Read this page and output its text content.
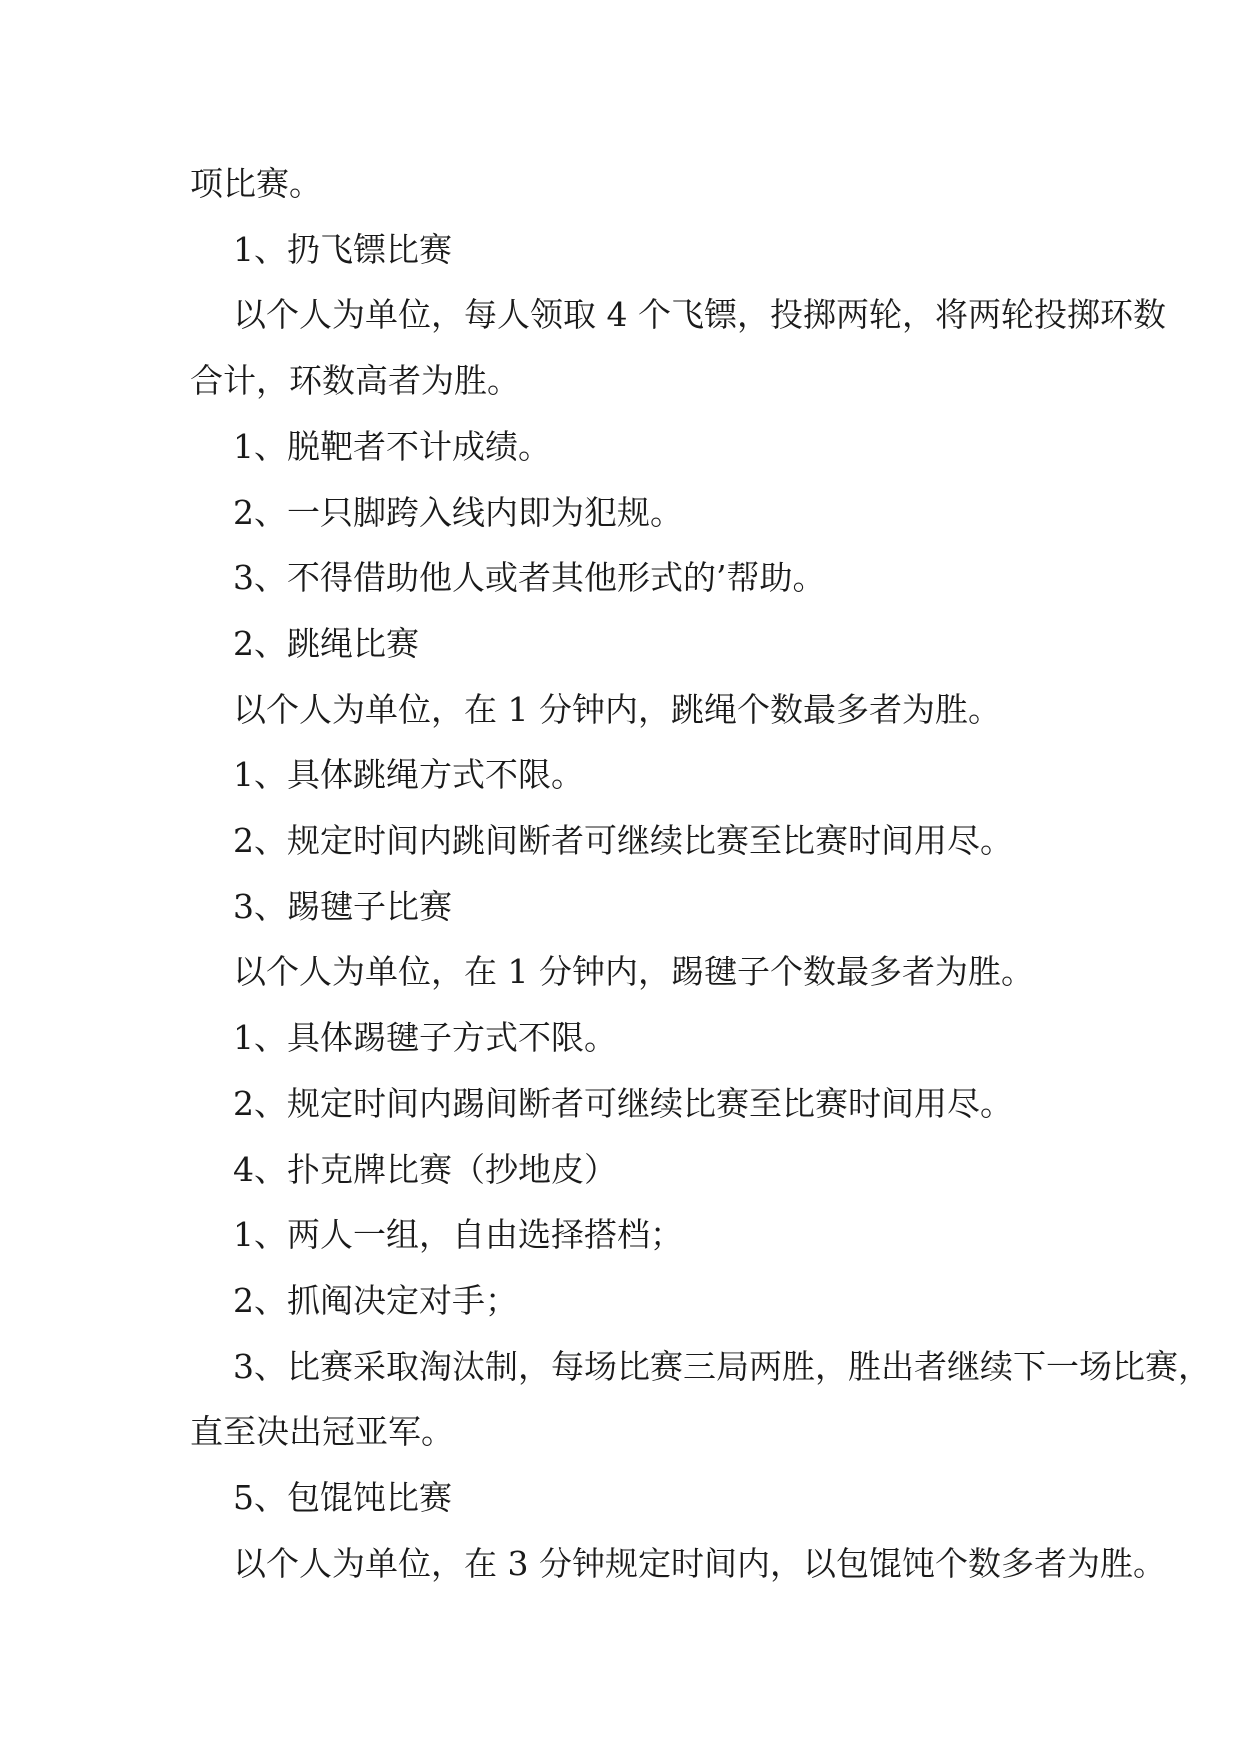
项比赛。

1、扔飞镖比赛

以个人为单位，每人领取 4 个飞镖，投掷两轮，将两轮投掷环数

合计，环数高者为胜。

1、脱靶者不计成绩。

2、一只脚跨入线内即为犯规。

3、不得借助他人或者其他形式的’帮助。

2、跳绳比赛

以个人为单位，在 1 分钟内，跳绳个数最多者为胜。

1、具体跳绳方式不限。

2、规定时间内跳间断者可继续比赛至比赛时间用尽。

3、踢毽子比赛

以个人为单位，在 1 分钟内，踢毽子个数最多者为胜。

1、具体踢毽子方式不限。

2、规定时间内踢间断者可继续比赛至比赛时间用尽。

4、扑克牌比赛（抄地皮）

1、两人一组，自由选择搭档；

2、抓阄决定对手；

3、比赛采取淘汰制，每场比赛三局两胜，胜出者继续下一场比赛，

直至决出冠亚军。

5、包馄饨比赛

以个人为单位，在 3 分钟规定时间内，以包馄饨个数多者为胜。
